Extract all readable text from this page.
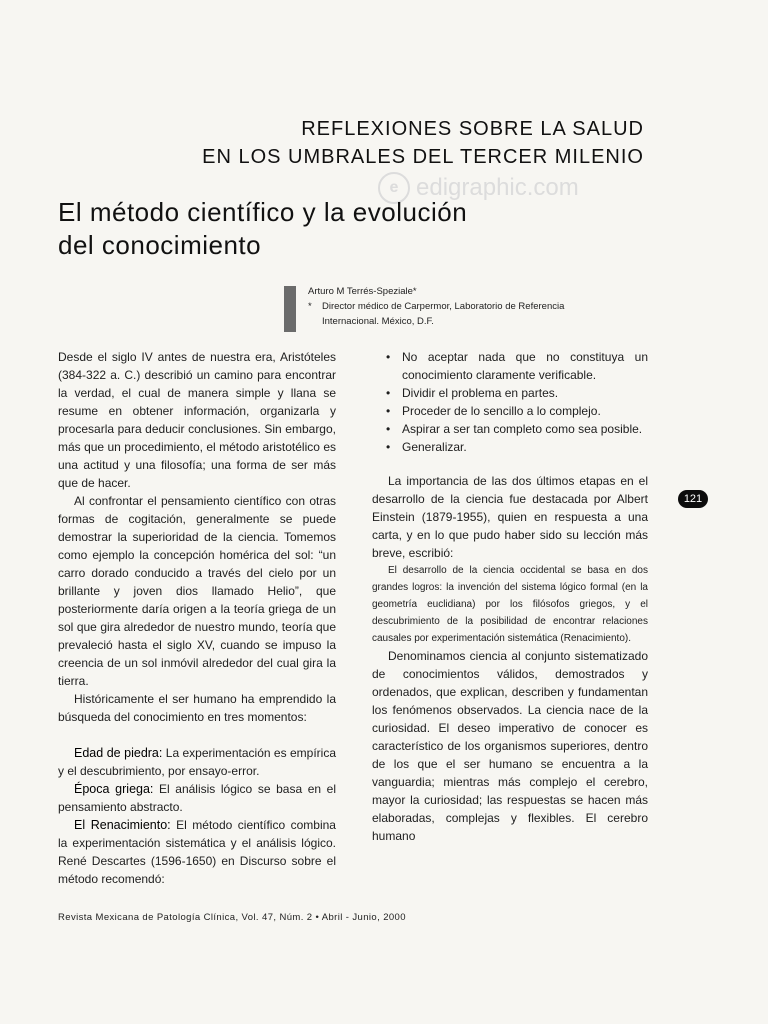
REFLEXIONES SOBRE LA SALUD
EN LOS UMBRALES DEL TERCER MILENIO
e edigraphic.com
El método científico y la evolución
del conocimiento
Arturo M Terrés-Speziale*
*	Director médico de Carpermor, Laboratorio de Referencia
Internacional. México, D.F.

Desde el siglo IV antes de nuestra era, Aristóteles (384-322 a. C.) describió un camino para encontrar la verdad, el cual de manera simple y llana se resume en obtener información, organizarla y procesarla para deducir conclusiones. Sin embargo, más que un procedimiento, el método aristotélico es una actitud y una filosofía; una forma de ser más que de hacer.

Al confrontar el pensamiento científico con otras formas de cogitación, generalmente se puede demostrar la superioridad de la ciencia. Tomemos como ejemplo la concepción homérica del sol: “un carro dorado conducido a través del cielo por un brillante y joven dios llamado Helio”, que posteriormente daría origen a la teoría griega de un sol que gira alrededor de nuestro mundo, teoría que prevaleció hasta el siglo XV, cuando se impuso la creencia de un sol inmóvil alrededor del cual gira la tierra.

Históricamente el ser humano ha emprendido la búsqueda del conocimiento en tres momentos:

Edad de piedra: La experimentación es empírica y el descubrimiento, por ensayo-error.

Época griega: El análisis lógico se basa en el pensamiento abstracto.

El Renacimiento: El método científico combina la experimentación sistemática y el análisis lógico. René Descartes (1596-1650) en Discurso sobre el método recomendó:

• No aceptar nada que no constituya un conocimiento claramente verificable.
• Dividir el problema en partes.
• Proceder de lo sencillo a lo complejo.
• Aspirar a ser tan completo como sea posible.
• Generalizar.

La importancia de las dos últimos etapas en el desarrollo de la ciencia fue destacada por Albert Einstein (1879-1955), quien en respuesta a una carta, y en lo que pudo haber sido su lección más breve, escribió:

El desarrollo de la ciencia occidental se basa en dos grandes logros: la invención del sistema lógico formal (en la geometría euclidiana) por los filósofos griegos, y el descubrimiento de la posibilidad de encontrar relaciones causales por experimentación sistemática (Renacimiento).

Denominamos ciencia al conjunto sistematizado de conocimientos válidos, demostrados y ordenados, que explican, describen y fundamentan los fenómenos observados. La ciencia nace de la curiosidad. El deseo imperativo de conocer es característico de los organismos superiores, dentro de los que el ser humano se encuentra a la vanguardia; mientras más complejo el cerebro, mayor la curiosidad; las respuestas se hacen más elaboradas, complejas y flexibles. El cerebro humano

121
Revista Mexicana de Patología Clínica, Vol. 47, Núm. 2 • Abril - Junio, 2000
